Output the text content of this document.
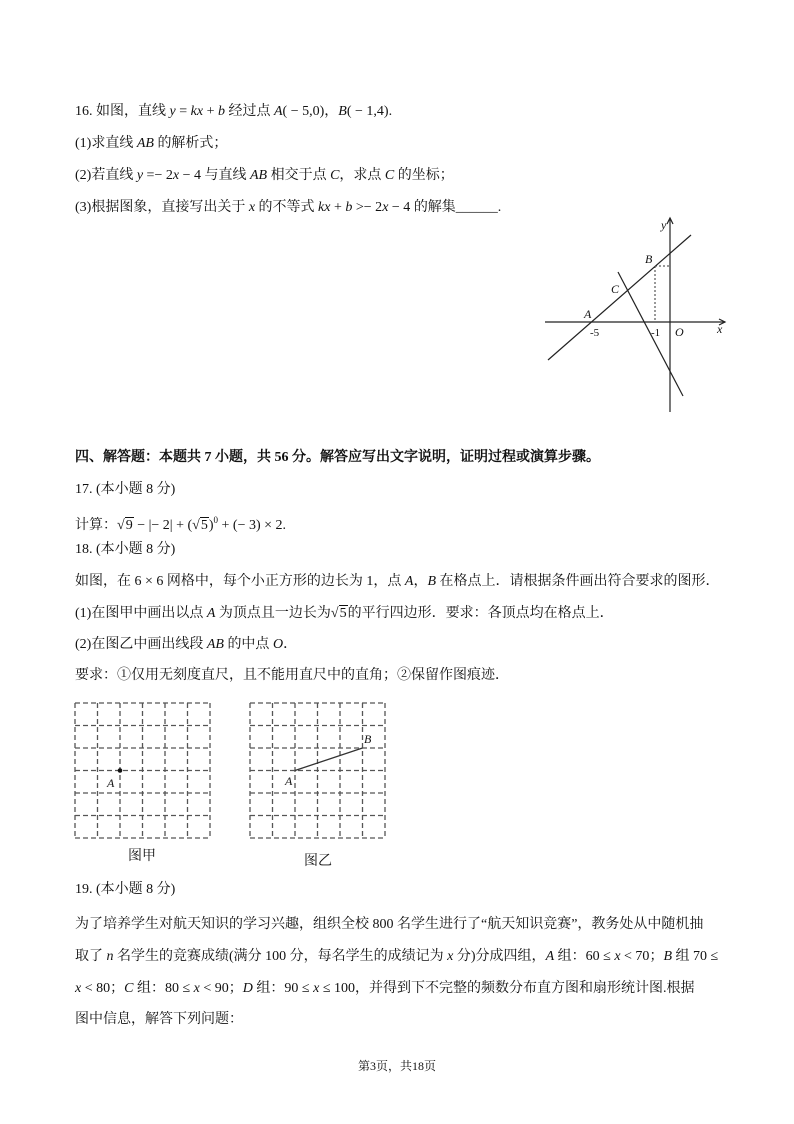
16. 如图，直线 y = kx + b 经过点 A( − 5,0)，B( − 1,4).
(1)求直线 AB 的解析式；
(2)若直线 y =− 2x − 4 与直线 AB 相交于点 C，求点 C 的坐标；
(3)根据图象，直接写出关于 x 的不等式 kx + b >− 2x − 4 的解集______.
y
x
A
-5
C
B
-1 O
四、解答题：本题共 7 小题，共 56 分。解答应写出文字说明，证明过程或演算步骤。
17. (本小题 8 分)
计算： √ 9 − |− 2| + ( √ 5)$^0$ + (− 3) × 2.
18. (本小题 8 分)
如图，在 6 × 6 网格中，每个小正方形的边长为 1，点 A，B 在格点上．请根据条件画出符合要求的图形．
(1)在图甲中画出以点 A 为顶点且一边长为 √ 5的平行四边形．要求：各顶点均在格点上．
(2)在图乙中画出线段 AB 的中点 O．
要求：①仅用无刻度直尺，且不能用直尺中的直角；②保留作图痕迹．
A
图甲
A
B
图乙
19. (本小题 8 分)
为了培养学生对航天知识的学习兴趣，组织全校 800 名学生进行了“航天知识竞赛”，教务处从中随机抽
取了 n 名学生的竞赛成绩(满分 100 分，每名学生的成绩记为 x 分)分成四组，A 组：60 ≤ x < 70；B 组 70 ≤
x < 80；C 组：80 ≤ x < 90；D 组：90 ≤ x ≤ 100，并得到下不完整的频数分布直方图和扇形统计图.根据
图中信息，解答下列问题：
第3页，共18页
